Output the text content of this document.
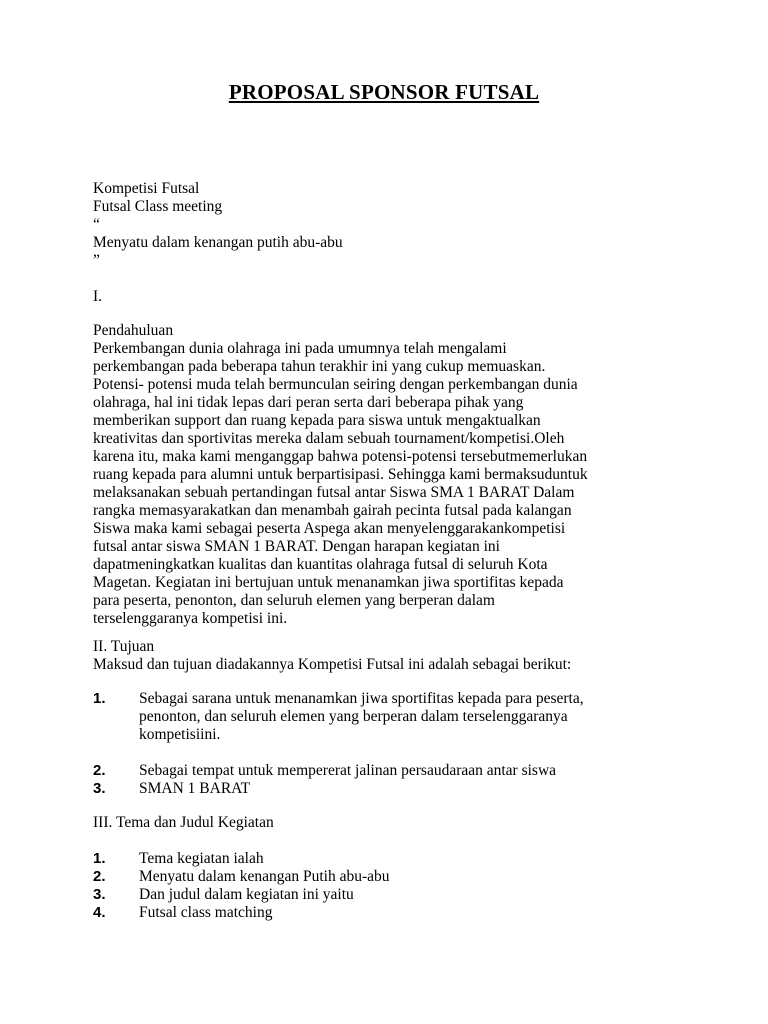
PROPOSAL SPONSOR FUTSAL
Kompetisi Futsal
Futsal Class meeting
“
Menyatu dalam kenangan putih abu-abu
”
I.
Pendahuluan
Perkembangan dunia olahraga ini pada umumnya telah mengalami
perkembangan pada beberapa tahun terakhir ini yang cukup memuaskan.
Potensi- potensi muda telah bermunculan seiring dengan perkembangan dunia
olahraga, hal ini tidak lepas dari peran serta dari beberapa pihak yang
memberikan support dan ruang kepada para siswa untuk mengaktualkan
kreativitas dan sportivitas mereka dalam sebuah tournament/kompetisi.Oleh
karena itu, maka kami menganggap bahwa potensi-potensi tersebutmemerlukan
ruang kepada para alumni untuk berpartisipasi. Sehingga kami bermaksuduntuk
melaksanakan sebuah pertandingan futsal antar Siswa SMA 1 BARAT Dalam
rangka memasyarakatkan dan menambah gairah pecinta futsal pada kalangan
Siswa maka kami sebagai peserta Aspega akan menyelenggarakankompetisi
futsal antar siswa SMAN 1 BARAT. Dengan harapan kegiatan ini
dapatmeningkatkan kualitas dan kuantitas olahraga futsal di seluruh Kota
Magetan. Kegiatan ini bertujuan untuk menanamkan jiwa sportifitas kepada
para peserta, penonton, dan seluruh elemen yang berperan dalam
terselenggaranya kompetisi ini.
II. Tujuan
Maksud dan tujuan diadakannya Kompetisi Futsal ini adalah sebagai berikut:
1. Sebagai sarana untuk menanamkan jiwa sportifitas kepada para peserta,
penonton, dan seluruh elemen yang berperan dalam terselenggaranya
kompetisiini.
2. Sebagai tempat untuk mempererat jalinan persaudaraan antar siswa
3. SMAN 1 BARAT
III. Tema dan Judul Kegiatan
1. Tema kegiatan ialah
2. Menyatu dalam kenangan Putih abu-abu
3. Dan judul dalam kegiatan ini yaitu
4. Futsal class matching
